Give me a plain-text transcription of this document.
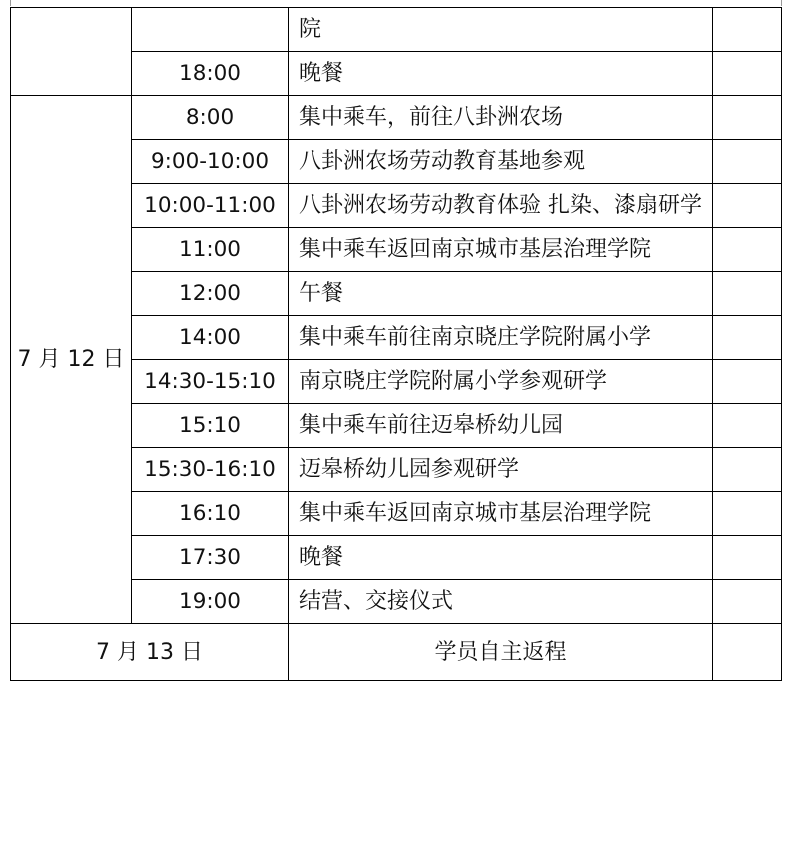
		院	
	18:00	晚餐	
7 月 12 日	8:00	集中乘车，前往八卦洲农场	
	9:00-10:00	八卦洲农场劳动教育基地参观	
	10:00-11:00	八卦洲农场劳动教育体验 扎染、漆扇研学	
	11:00	集中乘车返回南京城市基层治理学院	
	12:00	午餐	
	14:00	集中乘车前往南京晓庄学院附属小学	
	14:30-15:10	南京晓庄学院附属小学参观研学	
	15:10	集中乘车前往迈皋桥幼儿园	
	15:30-16:10	迈皋桥幼儿园参观研学	
	16:10	集中乘车返回南京城市基层治理学院	
	17:30	晚餐	
	19:00	结营、交接仪式	
7 月 13 日		学员自主返程	
